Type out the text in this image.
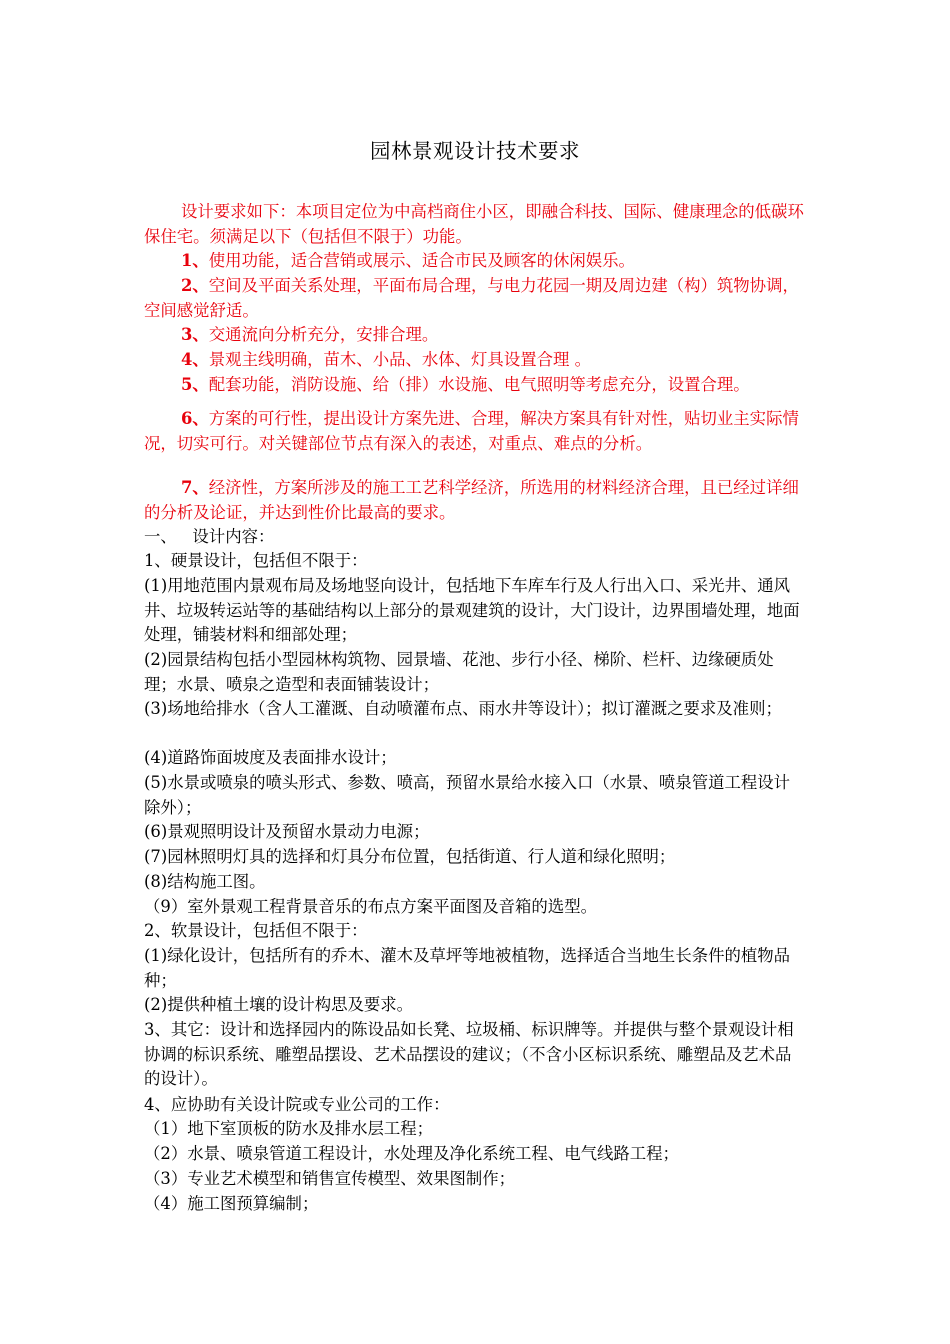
园林景观设计技术要求

设计要求如下：本项目定位为中高档商住小区，即融合科技、国际、健康理念的低碳环保住宅。须满足以下（包括但不限于）功能。

1、使用功能，适合营销或展示、适合市民及顾客的休闲娱乐。

2、空间及平面关系处理，平面布局合理，与电力花园一期及周边建（构）筑物协调，空间感觉舒适。

3、交通流向分析充分，安排合理。

4、景观主线明确，苗木、小品、水体、灯具设置合理 。

5、配套功能，消防设施、给（排）水设施、电气照明等考虑充分，设置合理。

6、方案的可行性，提出设计方案先进、合理，解决方案具有针对性，贴切业主实际情况，切实可行。对关键部位节点有深入的表述，对重点、难点的分析。

7、经济性，方案所涉及的施工工艺科学经济，所选用的材料经济合理，且已经过详细的分析及论证，并达到性价比最高的要求。

一、   设计内容：

1、硬景设计，包括但不限于：

(1)用地范围内景观布局及场地竖向设计，包括地下车库车行及人行出入口、采光井、通风井、垃圾转运站等的基础结构以上部分的景观建筑的设计，大门设计，边界围墙处理，地面处理，铺装材料和细部处理；

(2)园景结构包括小型园林构筑物、园景墙、花池、步行小径、梯阶、栏杆、边缘硬质处理；水景、喷泉之造型和表面铺装设计；

(3)场地给排水（含人工灌溉、自动喷灌布点、雨水井等设计）；拟订灌溉之要求及准则；

(4)道路饰面坡度及表面排水设计；

(5)水景或喷泉的喷头形式、参数、喷高，预留水景给水接入口（水景、喷泉管道工程设计除外）；

(6)景观照明设计及预留水景动力电源；

(7)园林照明灯具的选择和灯具分布位置，包括街道、行人道和绿化照明；

(8)结构施工图。

（9）室外景观工程背景音乐的布点方案平面图及音箱的选型。

2、软景设计，包括但不限于：

(1)绿化设计，包括所有的乔木、灌木及草坪等地被植物，选择适合当地生长条件的植物品种；

(2)提供种植土壤的设计构思及要求。

3、其它：设计和选择园内的陈设品如长凳、垃圾桶、标识牌等。并提供与整个景观设计相协调的标识系统、雕塑品摆设、艺术品摆设的建议；（不含小区标识系统、雕塑品及艺术品的设计）。

4、应协助有关设计院或专业公司的工作：

（1）地下室顶板的防水及排水层工程；

（2）水景、喷泉管道工程设计，水处理及净化系统工程、电气线路工程；

（3）专业艺术模型和销售宣传模型、效果图制作；

（4）施工图预算编制；
